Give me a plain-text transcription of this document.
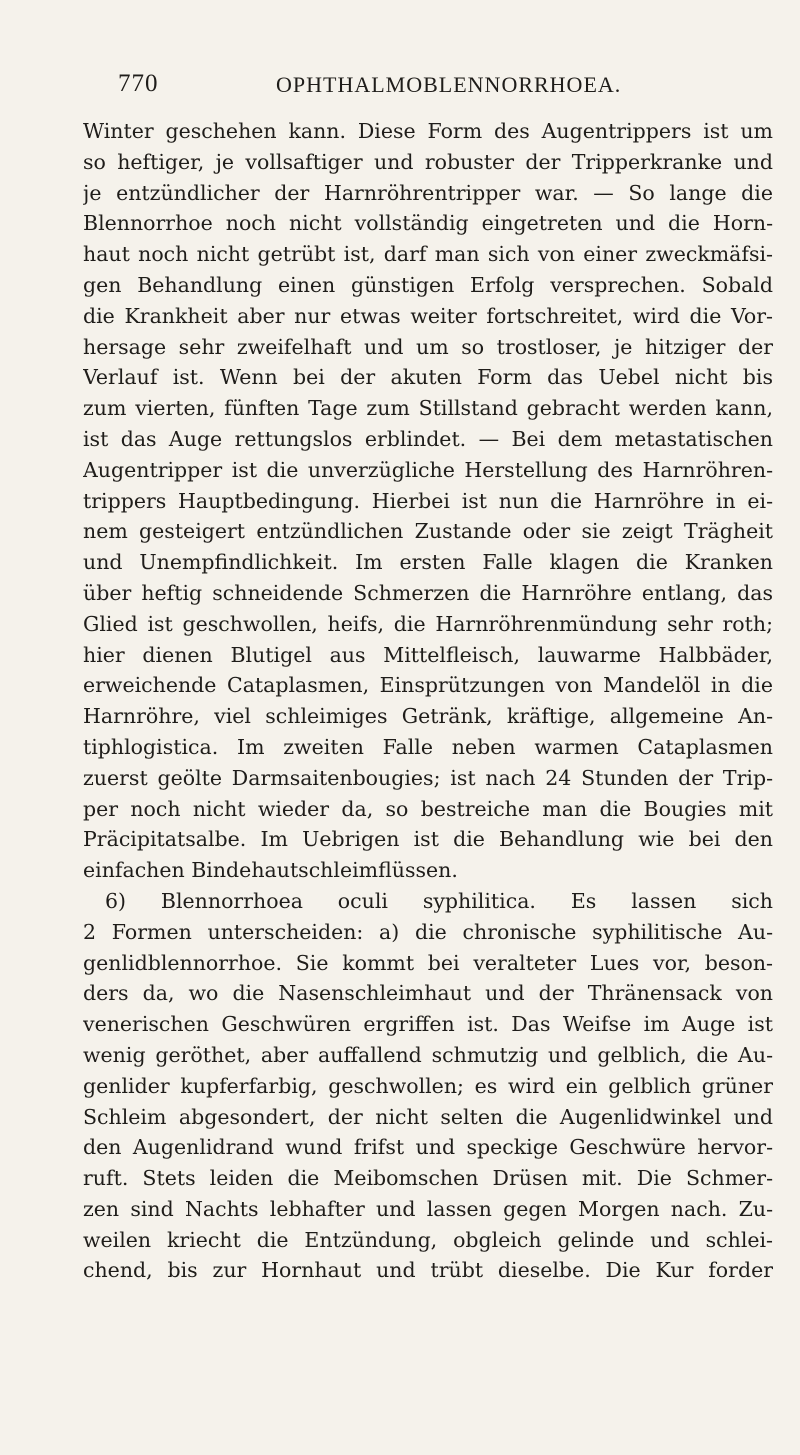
770	OPHTHALMOBLENNORRHOEA.
Winter geschehen kann. Diese Form des Augentrippers ist um
so heftiger, je vollsaftiger und robuster der Tripperkranke und
je entzündlicher der Harnröhrentripper war. — So lange die
Blennorrhoe noch nicht vollständig eingetreten und die Horn-
haut noch nicht getrübt ist, darf man sich von einer zweckmäfsi-
gen Behandlung einen günstigen Erfolg versprechen. Sobald
die Krankheit aber nur etwas weiter fortschreitet, wird die Vor-
hersage sehr zweifelhaft und um so trostloser, je hitziger der
Verlauf ist. Wenn bei der akuten Form das Uebel nicht bis
zum vierten, fünften Tage zum Stillstand gebracht werden kann,
ist das Auge rettungslos erblindet. — Bei dem metastatischen
Augentripper ist die unverzügliche Herstellung des Harnröhren-
trippers Hauptbedingung. Hierbei ist nun die Harnröhre in ei-
nem gesteigert entzündlichen Zustande oder sie zeigt Trägheit
und Unempfindlichkeit. Im ersten Falle klagen die Kranken
über heftig schneidende Schmerzen die Harnröhre entlang, das
Glied ist geschwollen, heifs, die Harnröhrenmündung sehr roth;
hier dienen Blutigel aus Mittelfleisch, lauwarme Halbbäder,
erweichende Cataplasmen, Einsprützungen von Mandelöl in die
Harnröhre, viel schleimiges Getränk, kräftige, allgemeine An-
tiphlogistica. Im zweiten Falle neben warmen Cataplasmen
zuerst geölte Darmsaitenbougies; ist nach 24 Stunden der Trip-
per noch nicht wieder da, so bestreiche man die Bougies mit
Präcipitatsalbe. Im Uebrigen ist die Behandlung wie bei den
einfachen Bindehautschleimflüssen.
6) Blennorrhoea oculi syphilitica. Es lassen sich
2 Formen unterscheiden: a) die chronische syphilitische Au-
genlidblennorrhoe. Sie kommt bei veralteter Lues vor, beson-
ders da, wo die Nasenschleimhaut und der Thränensack von
venerischen Geschwüren ergriffen ist. Das Weifse im Auge ist
wenig geröthet, aber auffallend schmutzig und gelblich, die Au-
genlider kupferfarbig, geschwollen; es wird ein gelblich grüner
Schleim abgesondert, der nicht selten die Augenlidwinkel und
den Augenlidrand wund frifst und speckige Geschwüre hervor-
ruft. Stets leiden die Meibomschen Drüsen mit. Die Schmer-
zen sind Nachts lebhafter und lassen gegen Morgen nach. Zu-
weilen kriecht die Entzündung, obgleich gelinde und schlei-
chend, bis zur Hornhaut und trübt dieselbe. Die Kur forder
